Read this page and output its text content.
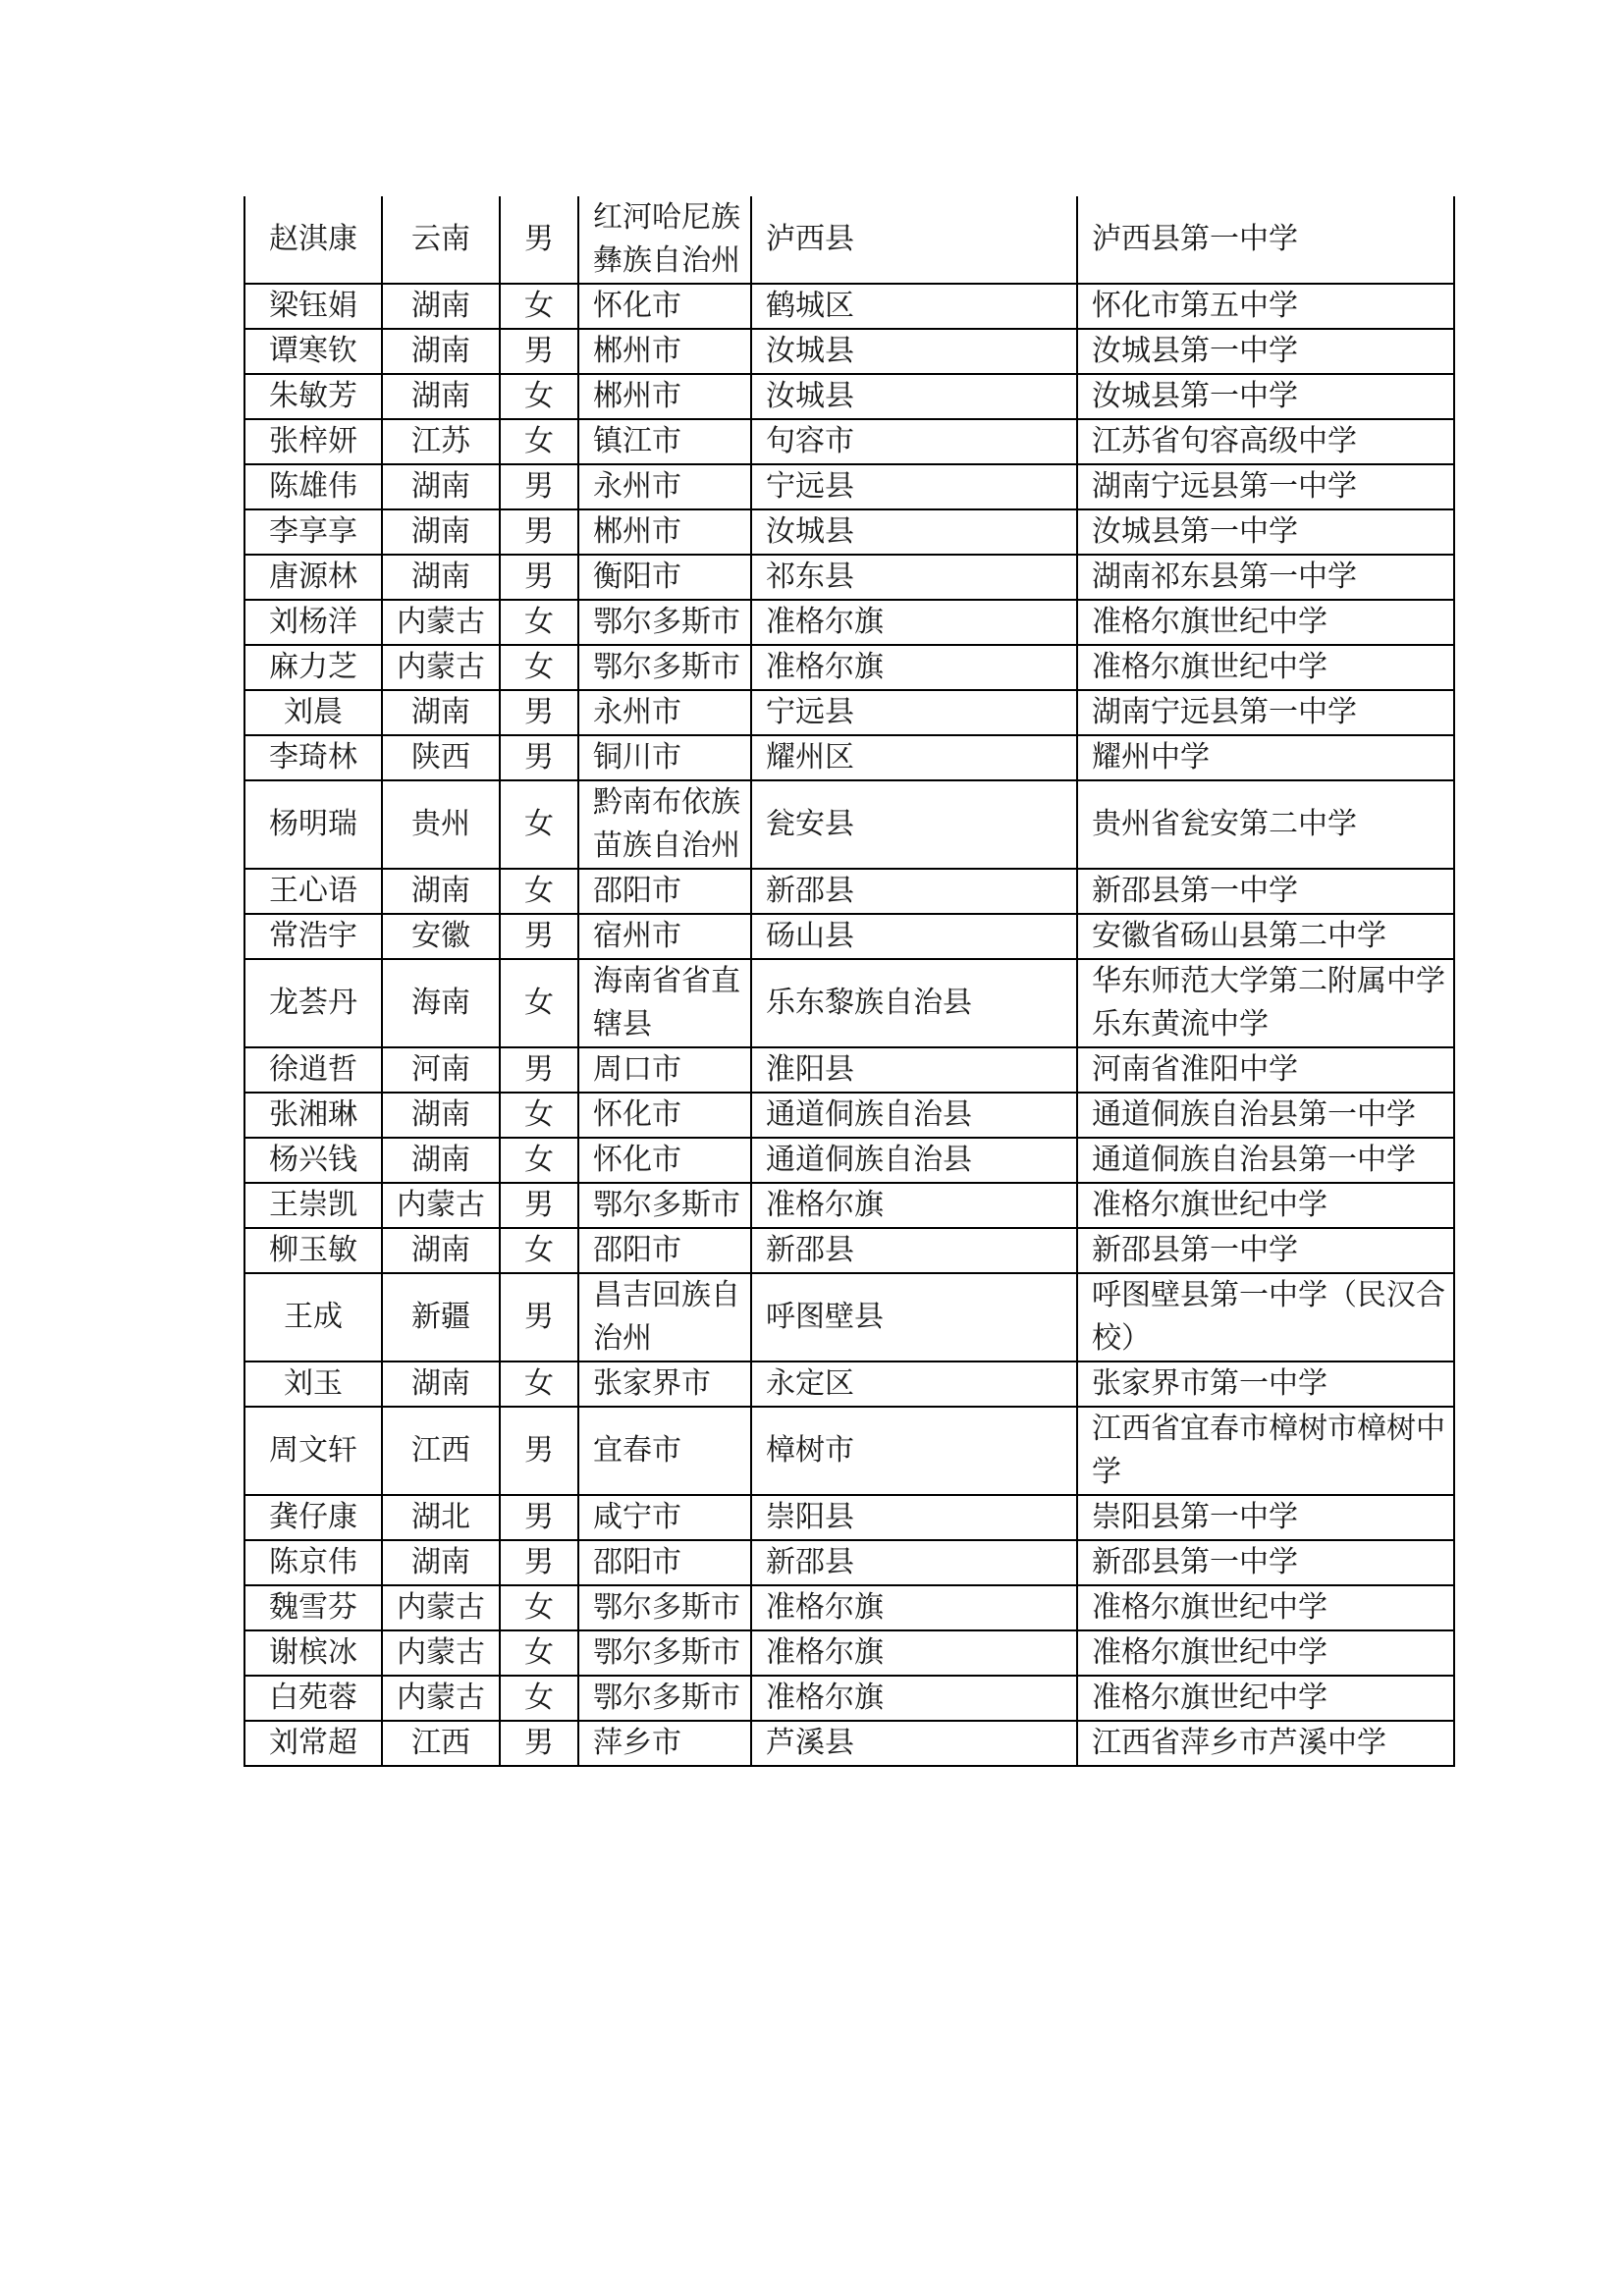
赵淇康	云南	男	红河哈尼族彝族自治州	泸西县	泸西县第一中学
梁钰娟	湖南	女	怀化市	鹤城区	怀化市第五中学
谭寒钦	湖南	男	郴州市	汝城县	汝城县第一中学
朱敏芳	湖南	女	郴州市	汝城县	汝城县第一中学
张梓妍	江苏	女	镇江市	句容市	江苏省句容高级中学
陈雄伟	湖南	男	永州市	宁远县	湖南宁远县第一中学
李享享	湖南	男	郴州市	汝城县	汝城县第一中学
唐源林	湖南	男	衡阳市	祁东县	湖南祁东县第一中学
刘杨洋	内蒙古	女	鄂尔多斯市	准格尔旗	准格尔旗世纪中学
麻力芝	内蒙古	女	鄂尔多斯市	准格尔旗	准格尔旗世纪中学
刘晨	湖南	男	永州市	宁远县	湖南宁远县第一中学
李琦林	陕西	男	铜川市	耀州区	耀州中学
杨明瑞	贵州	女	黔南布依族苗族自治州	瓮安县	贵州省瓮安第二中学
王心语	湖南	女	邵阳市	新邵县	新邵县第一中学
常浩宇	安徽	男	宿州市	砀山县	安徽省砀山县第二中学
龙荟丹	海南	女	海南省省直辖县	乐东黎族自治县	华东师范大学第二附属中学乐东黄流中学
徐逍哲	河南	男	周口市	淮阳县	河南省淮阳中学
张湘琳	湖南	女	怀化市	通道侗族自治县	通道侗族自治县第一中学
杨兴钱	湖南	女	怀化市	通道侗族自治县	通道侗族自治县第一中学
王崇凯	内蒙古	男	鄂尔多斯市	准格尔旗	准格尔旗世纪中学
柳玉敏	湖南	女	邵阳市	新邵县	新邵县第一中学
王成	新疆	男	昌吉回族自治州	呼图壁县	呼图壁县第一中学（民汉合校）
刘玉	湖南	女	张家界市	永定区	张家界市第一中学
周文轩	江西	男	宜春市	樟树市	江西省宜春市樟树市樟树中学
龚仔康	湖北	男	咸宁市	崇阳县	崇阳县第一中学
陈京伟	湖南	男	邵阳市	新邵县	新邵县第一中学
魏雪芬	内蒙古	女	鄂尔多斯市	准格尔旗	准格尔旗世纪中学
谢槟冰	内蒙古	女	鄂尔多斯市	准格尔旗	准格尔旗世纪中学
白苑蓉	内蒙古	女	鄂尔多斯市	准格尔旗	准格尔旗世纪中学
刘常超	江西	男	萍乡市	芦溪县	江西省萍乡市芦溪中学
